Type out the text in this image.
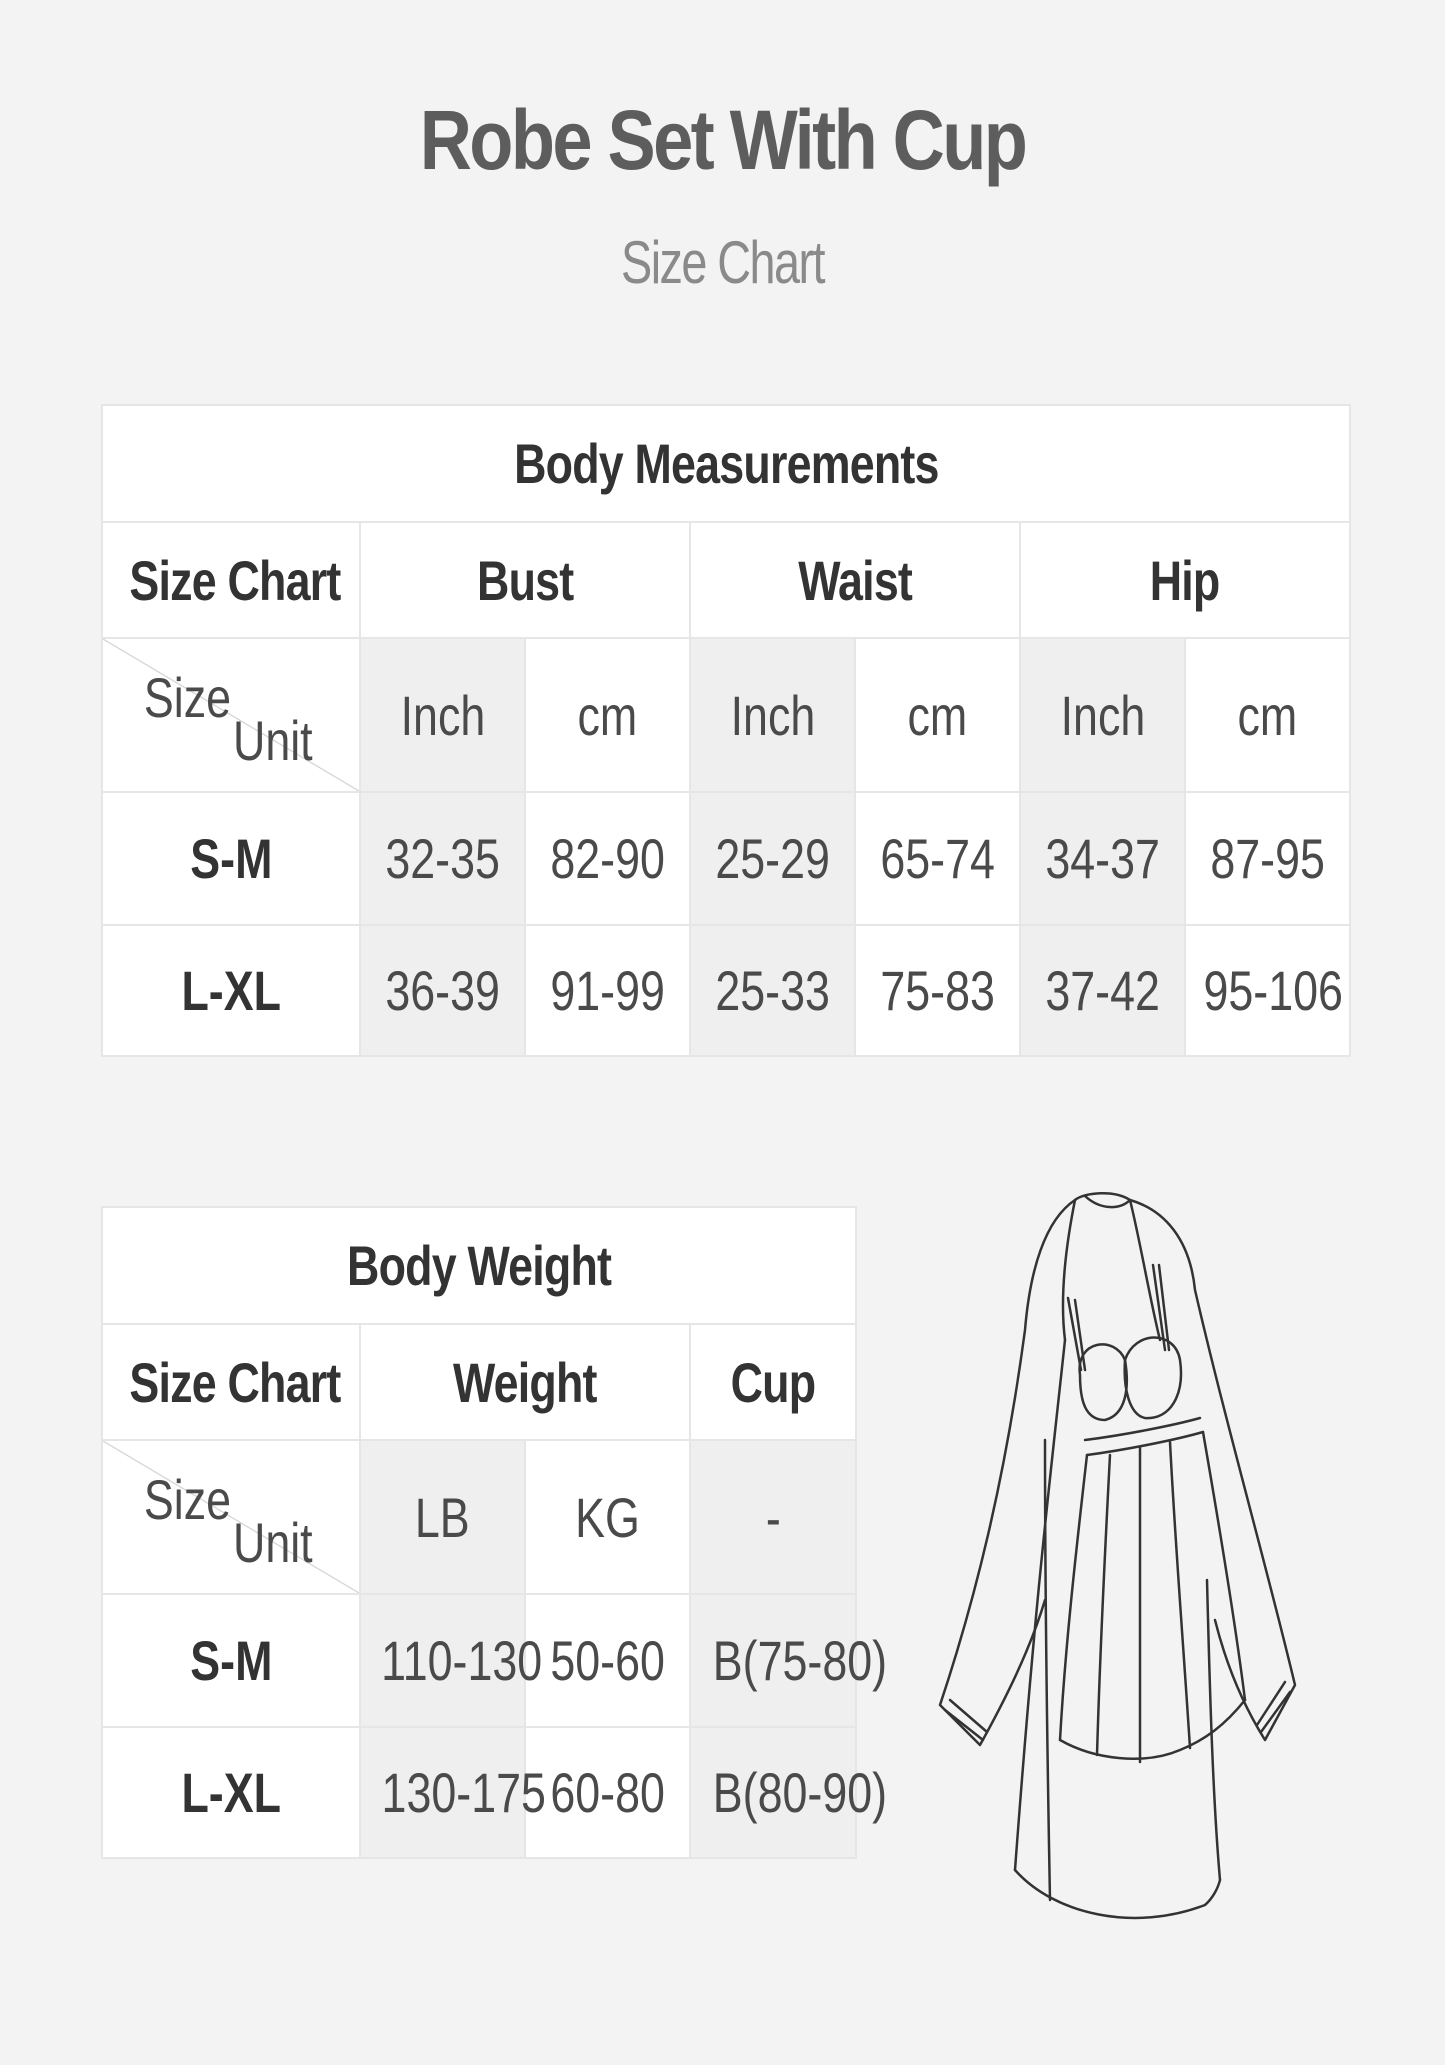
Robe Set With Cup
Size Chart
Body Measurements						
Size Chart	Bust		Waist		Hip	

Size
Unit	Inch	cm	Inch	cm	Inch	cm
S-M	32-35	82-90	25-29	65-74	34-37	87-95
L-XL	36-39	91-99	25-33	75-83	37-42	95-106
Body Weight			
Size Chart	Weight		Cup

Size
Unit	LB	KG	-
S-M	110-130	50-60	B(75-80)
L-XL	130-175	60-80	B(80-90)
